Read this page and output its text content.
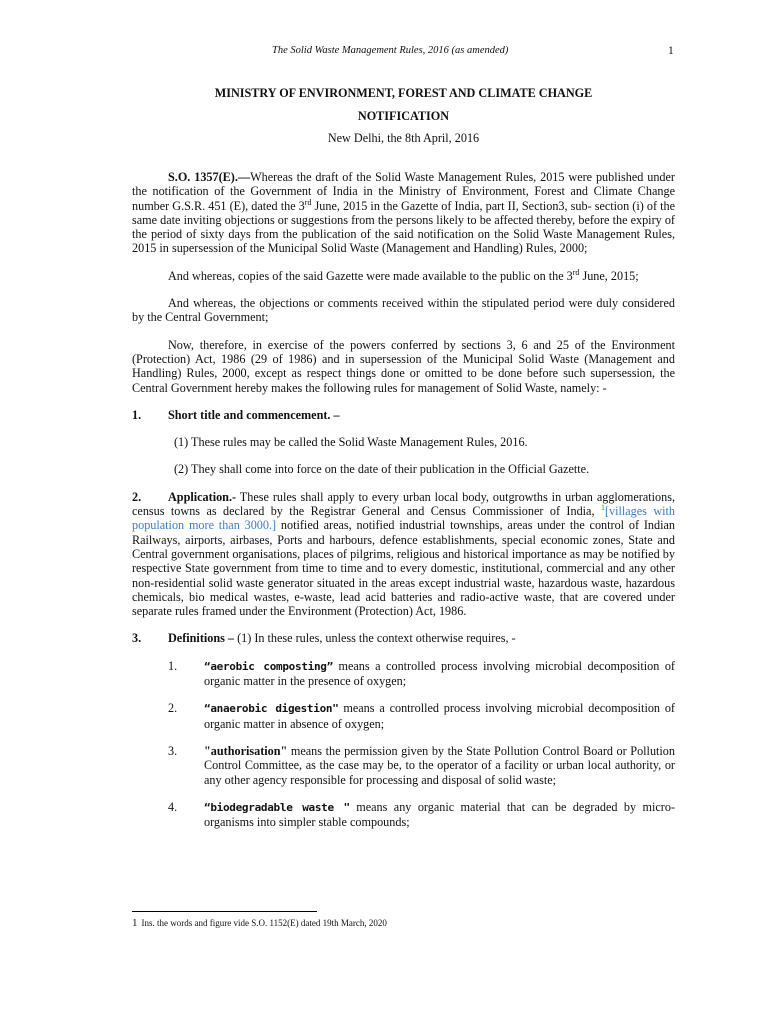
The Solid Waste Management Rules, 2016 (as amended)	1
MINISTRY OF ENVIRONMENT, FOREST AND CLIMATE CHANGE
NOTIFICATION
New Delhi, the 8th April, 2016

S.O. 1357(E).—Whereas the draft of the Solid Waste Management Rules, 2015 were published under the notification of the Government of India in the Ministry of Environment, Forest and Climate Change number G.S.R. 451 (E), dated the 3rd June, 2015 in the Gazette of India, part II, Section3, sub- section (i) of the same date inviting objections or suggestions from the persons likely to be affected thereby, before the expiry of the period of sixty days from the publication of the said notification on the Solid Waste Management Rules, 2015 in supersession of the Municipal Solid Waste (Management and Handling) Rules, 2000;

And whereas, copies of the said Gazette were made available to the public on the 3rd June, 2015;

And whereas, the objections or comments received within the stipulated period were duly considered by the Central Government;

Now, therefore, in exercise of the powers conferred by sections 3, 6 and 25 of the Environment (Protection) Act, 1986 (29 of 1986) and in supersession of the Municipal Solid Waste (Management and Handling) Rules, 2000, except as respect things done or omitted to be done before such supersession, the Central Government hereby makes the following rules for management of Solid Waste, namely: -

1.	Short title and commencement. –

(1) These rules may be called the Solid Waste Management Rules, 2016.

(2) They shall come into force on the date of their publication in the Official Gazette.

2. Application.- These rules shall apply to every urban local body, outgrowths in urban agglomerations, census towns as declared by the Registrar General and Census Commissioner of India, $^1$[villages with population more than 3000.] notified areas, notified industrial townships, areas under the control of Indian Railways, airports, airbases, Ports and harbours, defence establishments, special economic zones, State and Central government organisations, places of pilgrims, religious and historical importance as may be notified by respective State government from time to time and to every domestic, institutional, commercial and any other non-residential solid waste generator situated in the areas except industrial waste, hazardous waste, hazardous chemicals, bio medical wastes, e-waste, lead acid batteries and radio-active waste, that are covered under separate rules framed under the Environment (Protection) Act, 1986.

3.	Definitions – (1) In these rules, unless the context otherwise requires, -
1.	“aerobic composting” means a controlled process involving microbial decomposition of organic matter in the presence of oxygen;
2.	“anaerobic digestion" means a controlled process involving microbial decomposition of organic matter in absence of oxygen;
3.	"authorisation" means the permission given by the State Pollution Control Board or Pollution Control Committee, as the case may be, to the operator of a facility or urban local authority, or any other agency responsible for processing and disposal of solid waste;
4.	“biodegradable waste " means any organic material that can be degraded by micro-organisms into simpler stable compounds;
1 Ins. the words and figure vide S.O. 1152(E) dated 19th March, 2020
